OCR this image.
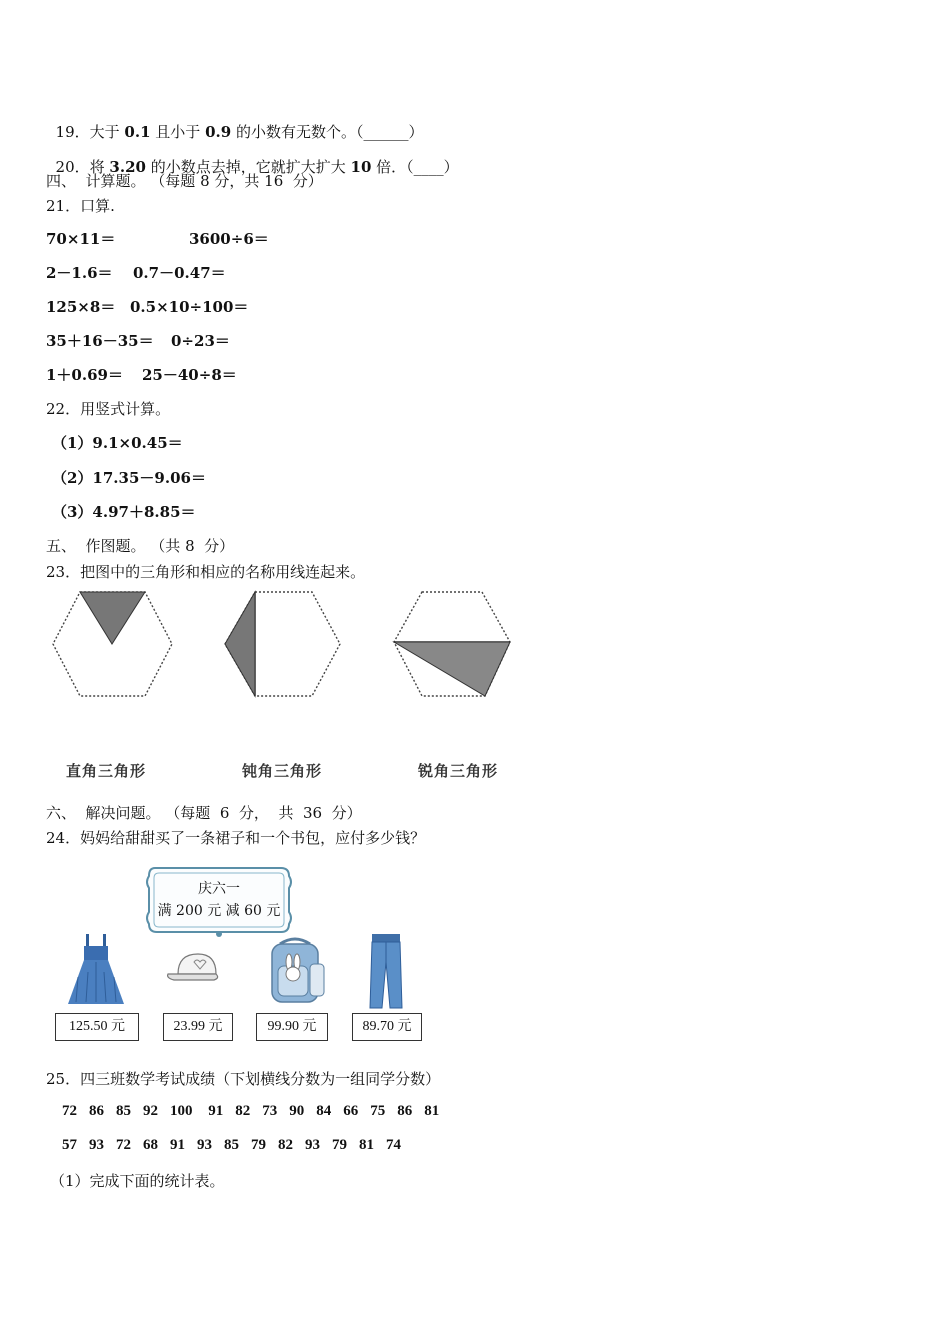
19．大于 0.1 且小于 0.9 的小数有无数个。（______）

20．将 3.20 的小数点去掉，它就扩大扩大 10 倍．（____）

四、  计算题。 （每题 8 分，共 16  分）
21．口算.
70×11＝	3600÷6＝
2－1.6＝ 0.7－0.47＝
125×8＝ 0.5×10÷100＝
35＋16－35＝ 0÷23＝
1＋0.69＝ 25－40÷8＝
22．用竖式计算。
（1）9.1×0.45＝
（2）17.35－9.06＝
（3）4.97＋8.85＝
五、  作图题。 （共 8  分）
23．把图中的三角形和相应的名称用线连起来。
直角三角形	钝角三角形	锐角三角形
六、  解决问题。 （每题  6  分，  共  36  分）
24．妈妈给甜甜买了一条裙子和一个书包，应付多少钱？
庆六一
满 200 元 减 60 元
125.50 元	23.99 元	99.90 元	89.70 元
25．四三班数学考试成绩（下划横线分数为一组同学分数）
72 86 85 92 100 91 82 73 90 84 66 75 86 81
57 93 72 68 91 93 85 79 82 93 79 81 74
（1）完成下面的统计表。
